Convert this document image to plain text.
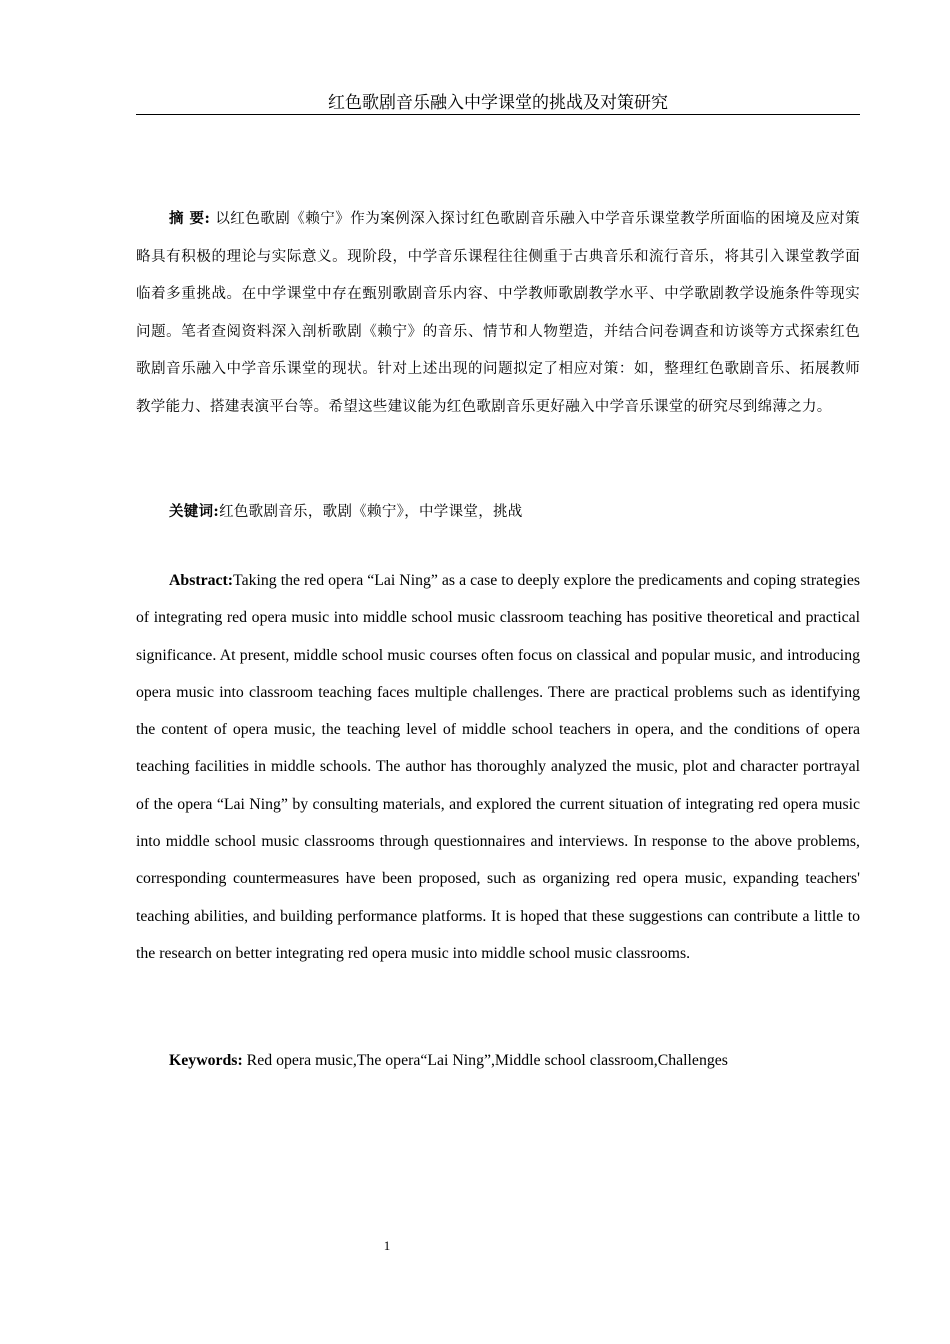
红色歌剧音乐融入中学课堂的挑战及对策研究

摘 要: 以红色歌剧《赖宁》作为案例深入探讨红色歌剧音乐融入中学音乐课堂教学所面临的困境及应对策略具有积极的理论与实际意义。现阶段，中学音乐课程往往侧重于古典音乐和流行音乐，将其引入课堂教学面临着多重挑战。在中学课堂中存在甄别歌剧音乐内容、中学教师歌剧教学水平、中学歌剧教学设施条件等现实问题。笔者查阅资料深入剖析歌剧《赖宁》的音乐、情节和人物塑造，并结合问卷调查和访谈等方式探索红色歌剧音乐融入中学音乐课堂的现状。针对上述出现的问题拟定了相应对策：如，整理红色歌剧音乐、拓展教师教学能力、搭建表演平台等。希望这些建议能为红色歌剧音乐更好融入中学音乐课堂的研究尽到绵薄之力。

关键词:红色歌剧音乐，歌剧《赖宁》，中学课堂，挑战

Abstract:Taking the red opera “Lai Ning” as a case to deeply explore the predicaments and coping strategies of integrating red opera music into middle school music classroom teaching has positive theoretical and practical significance. At present, middle school music courses often focus on classical and popular music, and introducing opera music into classroom teaching faces multiple challenges. There are practical problems such as identifying the content of opera music, the teaching level of middle school teachers in opera, and the conditions of opera teaching facilities in middle schools. The author has thoroughly analyzed the music, plot and character portrayal of the opera “Lai Ning” by consulting materials, and explored the current situation of integrating red opera music into middle school music classrooms through questionnaires and interviews. In response to the above problems, corresponding countermeasures have been proposed, such as organizing red opera music, expanding teachers' teaching abilities, and building performance platforms. It is hoped that these suggestions can contribute a little to the research on better integrating red opera music into middle school music classrooms.

Keywords: Red opera music,The opera“Lai Ning”,Middle school classroom,Challenges

1
